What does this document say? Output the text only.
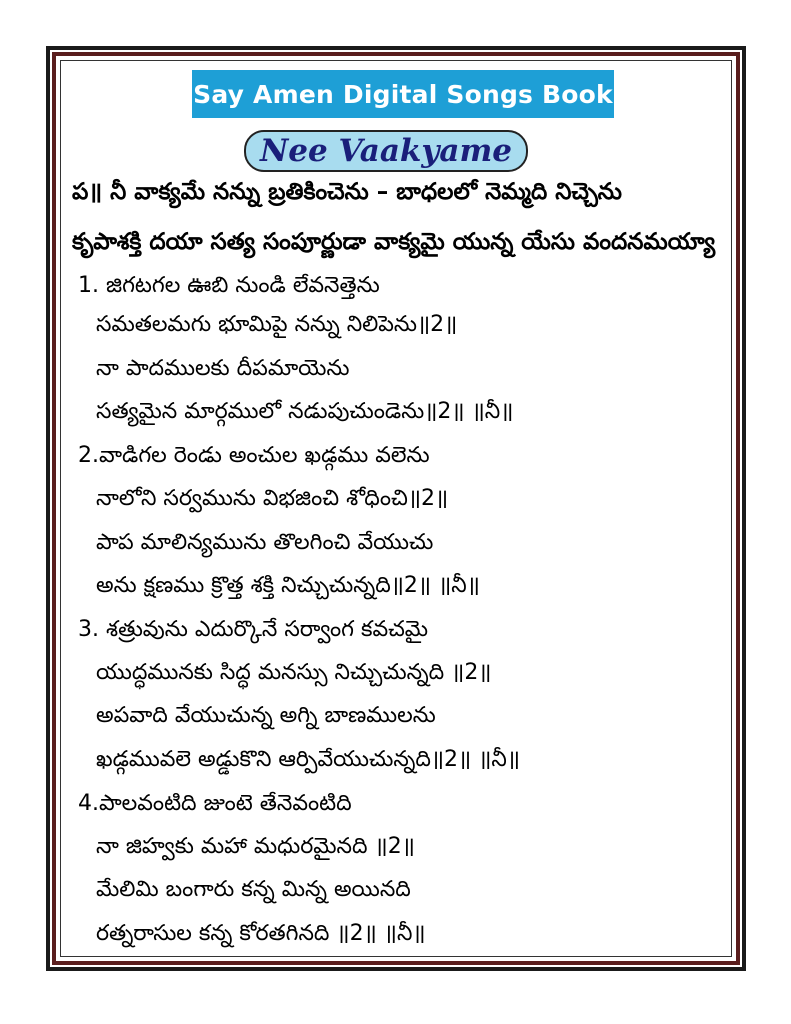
Say Amen Digital Songs Book
Nee Vaakyame
ప॥ నీ వాక్యమే నన్ను బ్రతికించెను – బాధలలో నెమ్మది నిచ్చెను
కృపాశక్తి దయా సత్య సంపూర్ణుడా వాక్యమై యున్న యేసు వందనమయ్యా
1. జిగటగల ఊబి నుండి లేవనెత్తెను
సమతలమగు భూమిపై నన్ను నిలిపెను॥2॥
నా పాదములకు దీపమాయెను
సత్యమైన మార్గములో నడుపుచుండెను॥2॥ ॥నీ॥
2.వాడిగల రెండు అంచుల ఖడ్గము వలెను
నాలోని సర్వమును విభజించి శోధించి॥2॥
పాప మాలిన్యమును తొలగించి వేయుచు
అను క్షణము క్రొత్త శక్తి నిచ్చుచున్నది॥2॥ ॥నీ॥
3. శత్రువును ఎదుర్కొనే సర్వాంగ కవచమై
యుద్ధమునకు సిద్ధ మనస్సు నిచ్చుచున్నది ॥2॥
అపవాది వేయుచున్న అగ్ని బాణములను
ఖడ్గమువలె అడ్డుకొని ఆర్పివేయుచున్నది॥2॥ ॥నీ॥
4.పాలవంటిది జుంటె తేనెవంటిది
నా జిహ్వకు మహా మధురమైనది ॥2॥
మేలిమి బంగారు కన్న మిన్న అయినది
రత్నరాసుల కన్న కోరతగినది ॥2॥ ॥నీ॥
